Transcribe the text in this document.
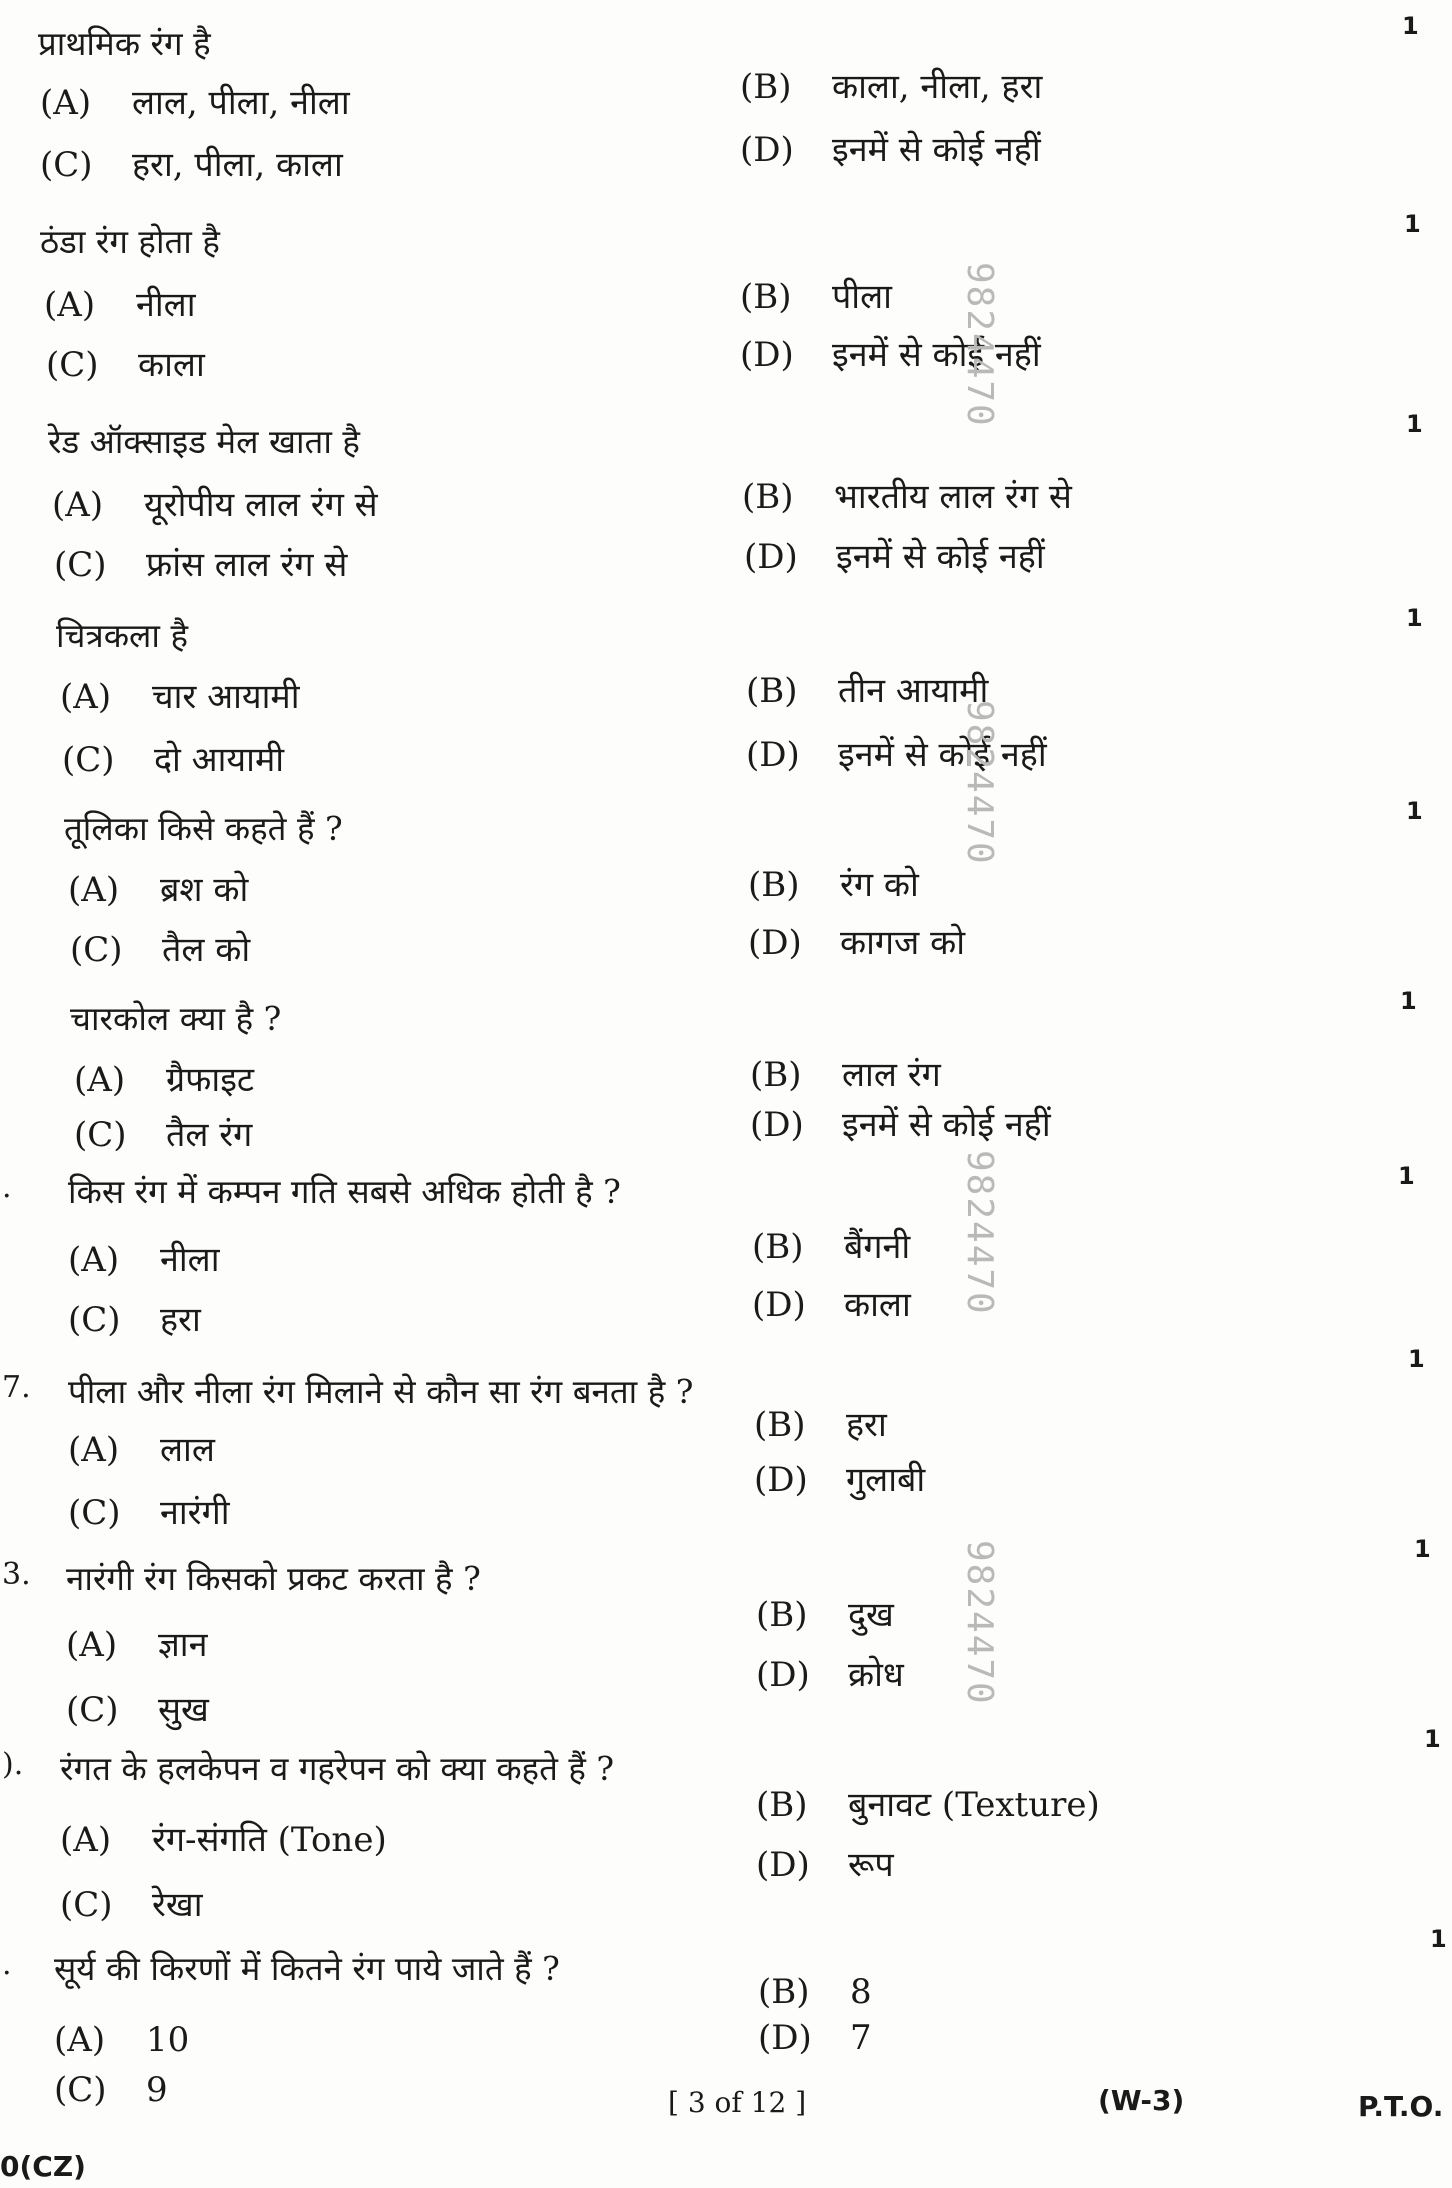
प्राथमिक रंग है	1
(A) लाल, पीला, नीला	(B) काला, नीला, हरा
(C) हरा, पीला, काला	(D) इनमें से कोई नहीं
ठंडा रंग होता है	1
(A) नीला	(B) पीला
(C) काला	(D) इनमें से कोई नहीं
रेड ऑक्साइड मेल खाता है	1
(A) यूरोपीय लाल रंग से	(B) भारतीय लाल रंग से
(C) फ्रांस लाल रंग से	(D) इनमें से कोई नहीं
चित्रकला है	1
(A) चार आयामी	(B) तीन आयामी
(C) दो आयामी	(D) इनमें से कोई नहीं
तूलिका किसे कहते हैं ?	1
(A) ब्रश को	(B) रंग को
(C) तैल को	(D) कागज को
चारकोल क्या है ?	1
(A) ग्रैफाइट	(B) लाल रंग
(C) तैल रंग	(D) इनमें से कोई नहीं
. किस रंग में कम्पन गति सबसे अधिक होती है ?	1
(A) नीला	(B) बैंगनी
(C) हरा	(D) काला
7. पीला और नीला रंग मिलाने से कौन सा रंग बनता है ?
1
(A) लाल
(B) हरा
(C) नारंगी
(D) गुलाबी
3. नारंगी रंग किसको प्रकट करता है ?
1
(A) ज्ञान
(B) दुख
(C) सुख
(D) क्रोध
). रंगत के हलकेपन व गहरेपन को क्या कहते हैं ?
1
(A) रंग-संगति (Tone)
(B) बुनावट (Texture)
(C) रेखा
(D) रूप
. सूर्य की किरणों में कितने रंग पाये जाते हैं ?
1
(A) 10
(B) 8
(C) 9
(D) 7
9824470
9824470
9824470
9824470
[ 3 of 12 ]	(W-3)	P.T.O.
0(CZ)
